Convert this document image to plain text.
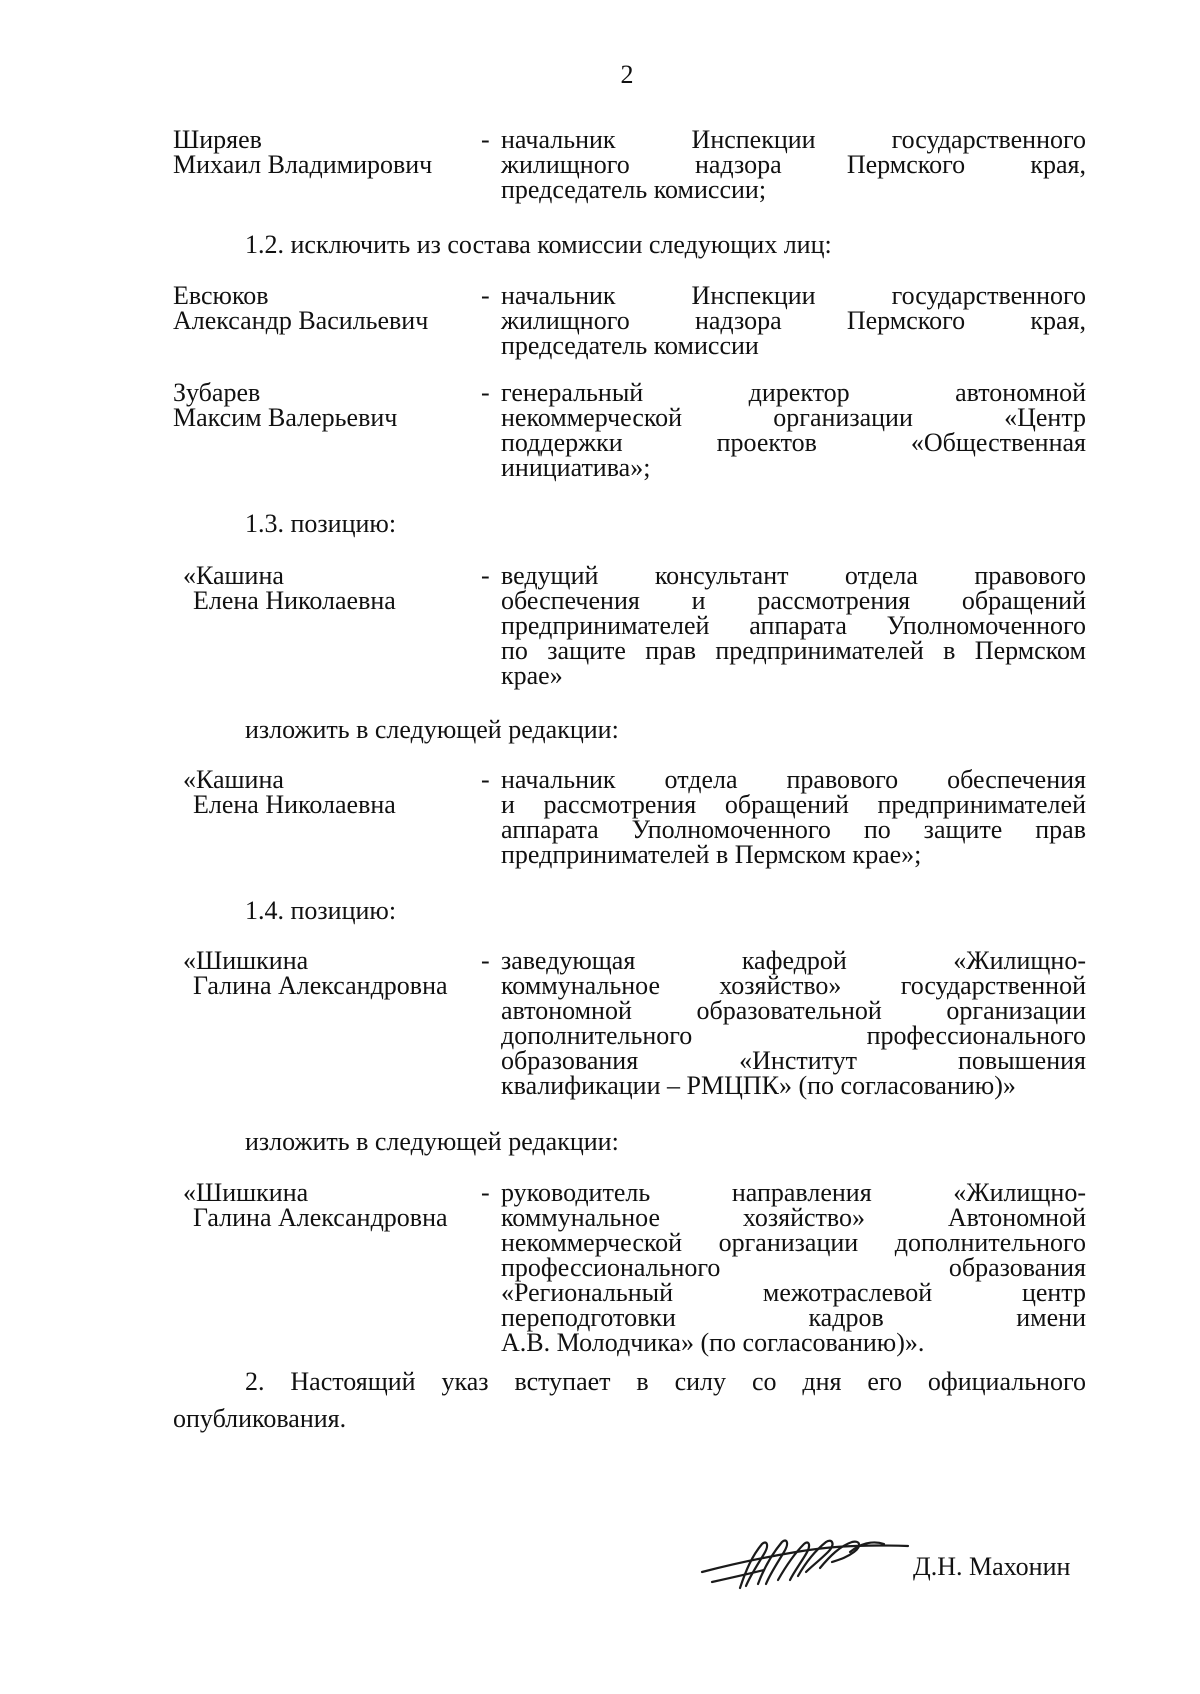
2
Ширяев
Михаил Владимирович
- начальник Инспекции государственного
жилищного надзора Пермского края,
председатель комиссии;
1.2. исключить из состава комиссии следующих лиц:
Евсюков
Александр Васильевич
- начальник Инспекции государственного
жилищного надзора Пермского края,
председатель комиссии
Зубарев
Максим Валерьевич
- генеральный директор автономной
некоммерческой организации «Центр
поддержки проектов «Общественная
инициатива»;
1.3. позицию:
«Кашина
Елена Николаевна
- ведущий консультант отдела правового
обеспечения и рассмотрения обращений
предпринимателей аппарата Уполномоченного
по защите прав предпринимателей в Пермском
крае»
изложить в следующей редакции:
«Кашина
Елена Николаевна
- начальник отдела правового обеспечения
и рассмотрения обращений предпринимателей
аппарата Уполномоченного по защите прав
предпринимателей в Пермском крае»;
1.4. позицию:
«Шишкина
Галина Александровна
- заведующая кафедрой «Жилищно-
коммунальное хозяйство» государственной
автономной образовательной организации
дополнительного профессионального
образования «Институт повышения
квалификации – РМЦПК» (по согласованию)»
изложить в следующей редакции:
«Шишкина
Галина Александровна
- руководитель направления «Жилищно-
коммунальное хозяйство» Автономной
некоммерческой организации дополнительного
профессионального образования
«Региональный межотраслевой центр
переподготовки кадров имени
А.В. Молодчика» (по согласованию)».
2. Настоящий указ вступает в силу со дня его официального
опубликования.
Д.Н. Махонин
